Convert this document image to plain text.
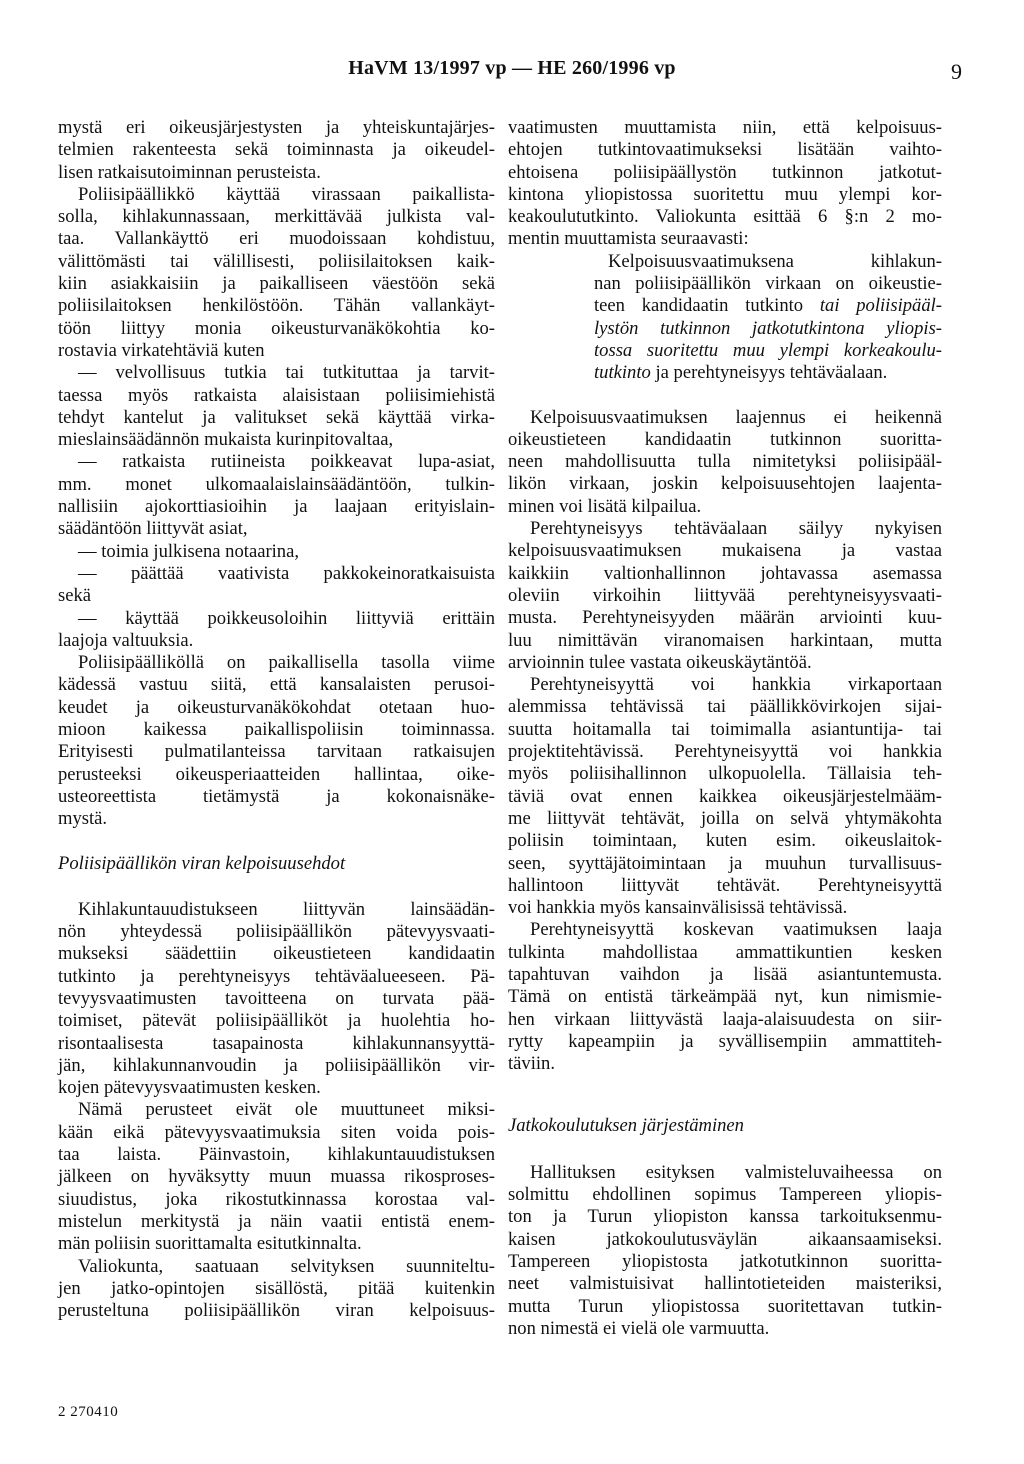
HaVM 13/1997 vp — HE 260/1996 vp	9
mystä eri oikeusjärjestysten ja yhteiskuntajärjes-
telmien rakenteesta sekä toiminnasta ja oikeudel-
lisen ratkaisutoiminnan perusteista.
Poliisipäällikkö käyttää virassaan paikallista-
solla, kihlakunnassaan, merkittävää julkista val-
taa. Vallankäyttö eri muodoissaan kohdistuu,
välittömästi tai välillisesti, poliisilaitoksen kaik-
kiin asiakkaisiin ja paikalliseen väestöön sekä
poliisilaitoksen henkilöstöön. Tähän vallankäyt-
töön liittyy monia oikeusturvanäkökohtia ko-
rostavia virkatehtäviä kuten
— velvollisuus tutkia tai tutkituttaa ja tarvit-
taessa myös ratkaista alaisistaan poliisimiehistä
tehdyt kantelut ja valitukset sekä käyttää virka-
mieslainsäädännön mukaista kurinpitovaltaa,
— ratkaista rutiineista poikkeavat lupa-asiat,
mm. monet ulkomaalaislainsäädäntöön, tulkin-
nallisiin ajokorttiasioihin ja laajaan erityislain-
säädäntöön liittyvät asiat,
— toimia julkisena notaarina,
— päättää vaativista pakkokeinoratkaisuista
sekä
— käyttää poikkeusoloihin liittyviä erittäin
laajoja valtuuksia.
Poliisipäälliköllä on paikallisella tasolla viime
kädessä vastuu siitä, että kansalaisten perusoi-
keudet ja oikeusturvanäkökohdat otetaan huo-
mioon kaikessa paikallispoliisin toiminnassa.
Erityisesti pulmatilanteissa tarvitaan ratkaisujen
perusteeksi oikeusperiaatteiden hallintaa, oike-
usteoreettista tietämystä ja kokonaisnäke-
mystä.
Poliisipäällikön viran kelpoisuusehdot
Kihlakuntauudistukseen liittyvän lainsäädän-
nön yhteydessä poliisipäällikön pätevyysvaati-
mukseksi säädettiin oikeustieteen kandidaatin
tutkinto ja perehtyneisyys tehtäväalueeseen. Pä-
tevyysvaatimusten tavoitteena on turvata pää-
toimiset, pätevät poliisipäälliköt ja huolehtia ho-
risontaalisesta tasapainosta kihlakunnansyyttä-
jän, kihlakunnanvoudin ja poliisipäällikön vir-
kojen pätevyysvaatimusten kesken.
Nämä perusteet eivät ole muuttuneet miksi-
kään eikä pätevyysvaatimuksia siten voida pois-
taa laista. Päinvastoin, kihlakuntauudistuksen
jälkeen on hyväksytty muun muassa rikosproses-
siuudistus, joka rikostutkinnassa korostaa val-
mistelun merkitystä ja näin vaatii entistä enem-
män poliisin suorittamalta esitutkinnalta.
Valiokunta, saatuaan selvityksen suunniteltu-
jen jatko-opintojen sisällöstä, pitää kuitenkin
perusteltuna poliisipäällikön viran kelpoisuus-
vaatimusten muuttamista niin, että kelpoisuus-
ehtojen tutkintovaatimukseksi lisätään vaihto-
ehtoisena poliisipäällystön tutkinnon jatkotut-
kintona yliopistossa suoritettu muu ylempi kor-
keakoulututkinto. Valiokunta esittää 6 §:n 2 mo-
mentin muuttamista seuraavasti:
Kelpoisuusvaatimuksena kihlakun-
nan poliisipäällikön virkaan on oikeustie-
teen kandidaatin tutkinto tai poliisipääl-
lystön tutkinnon jatkotutkintona yliopis-
tossa suoritettu muu ylempi korkeakoulu-
tutkinto ja perehtyneisyys tehtäväalaan.
Kelpoisuusvaatimuksen laajennus ei heikennä
oikeustieteen kandidaatin tutkinnon suoritta-
neen mahdollisuutta tulla nimitetyksi poliisipääl-
likön virkaan, joskin kelpoisuusehtojen laajenta-
minen voi lisätä kilpailua.
Perehtyneisyys tehtäväalaan säilyy nykyisen
kelpoisuusvaatimuksen mukaisena ja vastaa
kaikkiin valtionhallinnon johtavassa asemassa
oleviin virkoihin liittyvää perehtyneisyysvaati-
musta. Perehtyneisyyden määrän arviointi kuu-
luu nimittävän viranomaisen harkintaan, mutta
arvioinnin tulee vastata oikeuskäytäntöä.
Perehtyneisyyttä voi hankkia virkaportaan
alemmissa tehtävissä tai päällikkövirkojen sijai-
suutta hoitamalla tai toimimalla asiantuntija- tai
projektitehtävissä. Perehtyneisyyttä voi hankkia
myös poliisihallinnon ulkopuolella. Tällaisia teh-
täviä ovat ennen kaikkea oikeusjärjestelmääm-
me liittyvät tehtävät, joilla on selvä yhtymäkohta
poliisin toimintaan, kuten esim. oikeuslaitok-
seen, syyttäjätoimintaan ja muuhun turvallisuus-
hallintoon liittyvät tehtävät. Perehtyneisyyttä
voi hankkia myös kansainvälisissä tehtävissä.
Perehtyneisyyttä koskevan vaatimuksen laaja
tulkinta mahdollistaa ammattikuntien kesken
tapahtuvan vaihdon ja lisää asiantuntemusta.
Tämä on entistä tärkeämpää nyt, kun nimismie-
hen virkaan liittyvästä laaja-alaisuudesta on siir-
rytty kapeampiin ja syvällisempiin ammattiteh-
täviin.
Jatkokoulutuksen järjestäminen
Hallituksen esityksen valmisteluvaiheessa on
solmittu ehdollinen sopimus Tampereen yliopis-
ton ja Turun yliopiston kanssa tarkoituksenmu-
kaisen jatkokoulutusväylän aikaansaamiseksi.
Tampereen yliopistosta jatkotutkinnon suoritta-
neet valmistuisivat hallintotieteiden maisteriksi,
mutta Turun yliopistossa suoritettavan tutkin-
non nimestä ei vielä ole varmuutta.
2 270410
